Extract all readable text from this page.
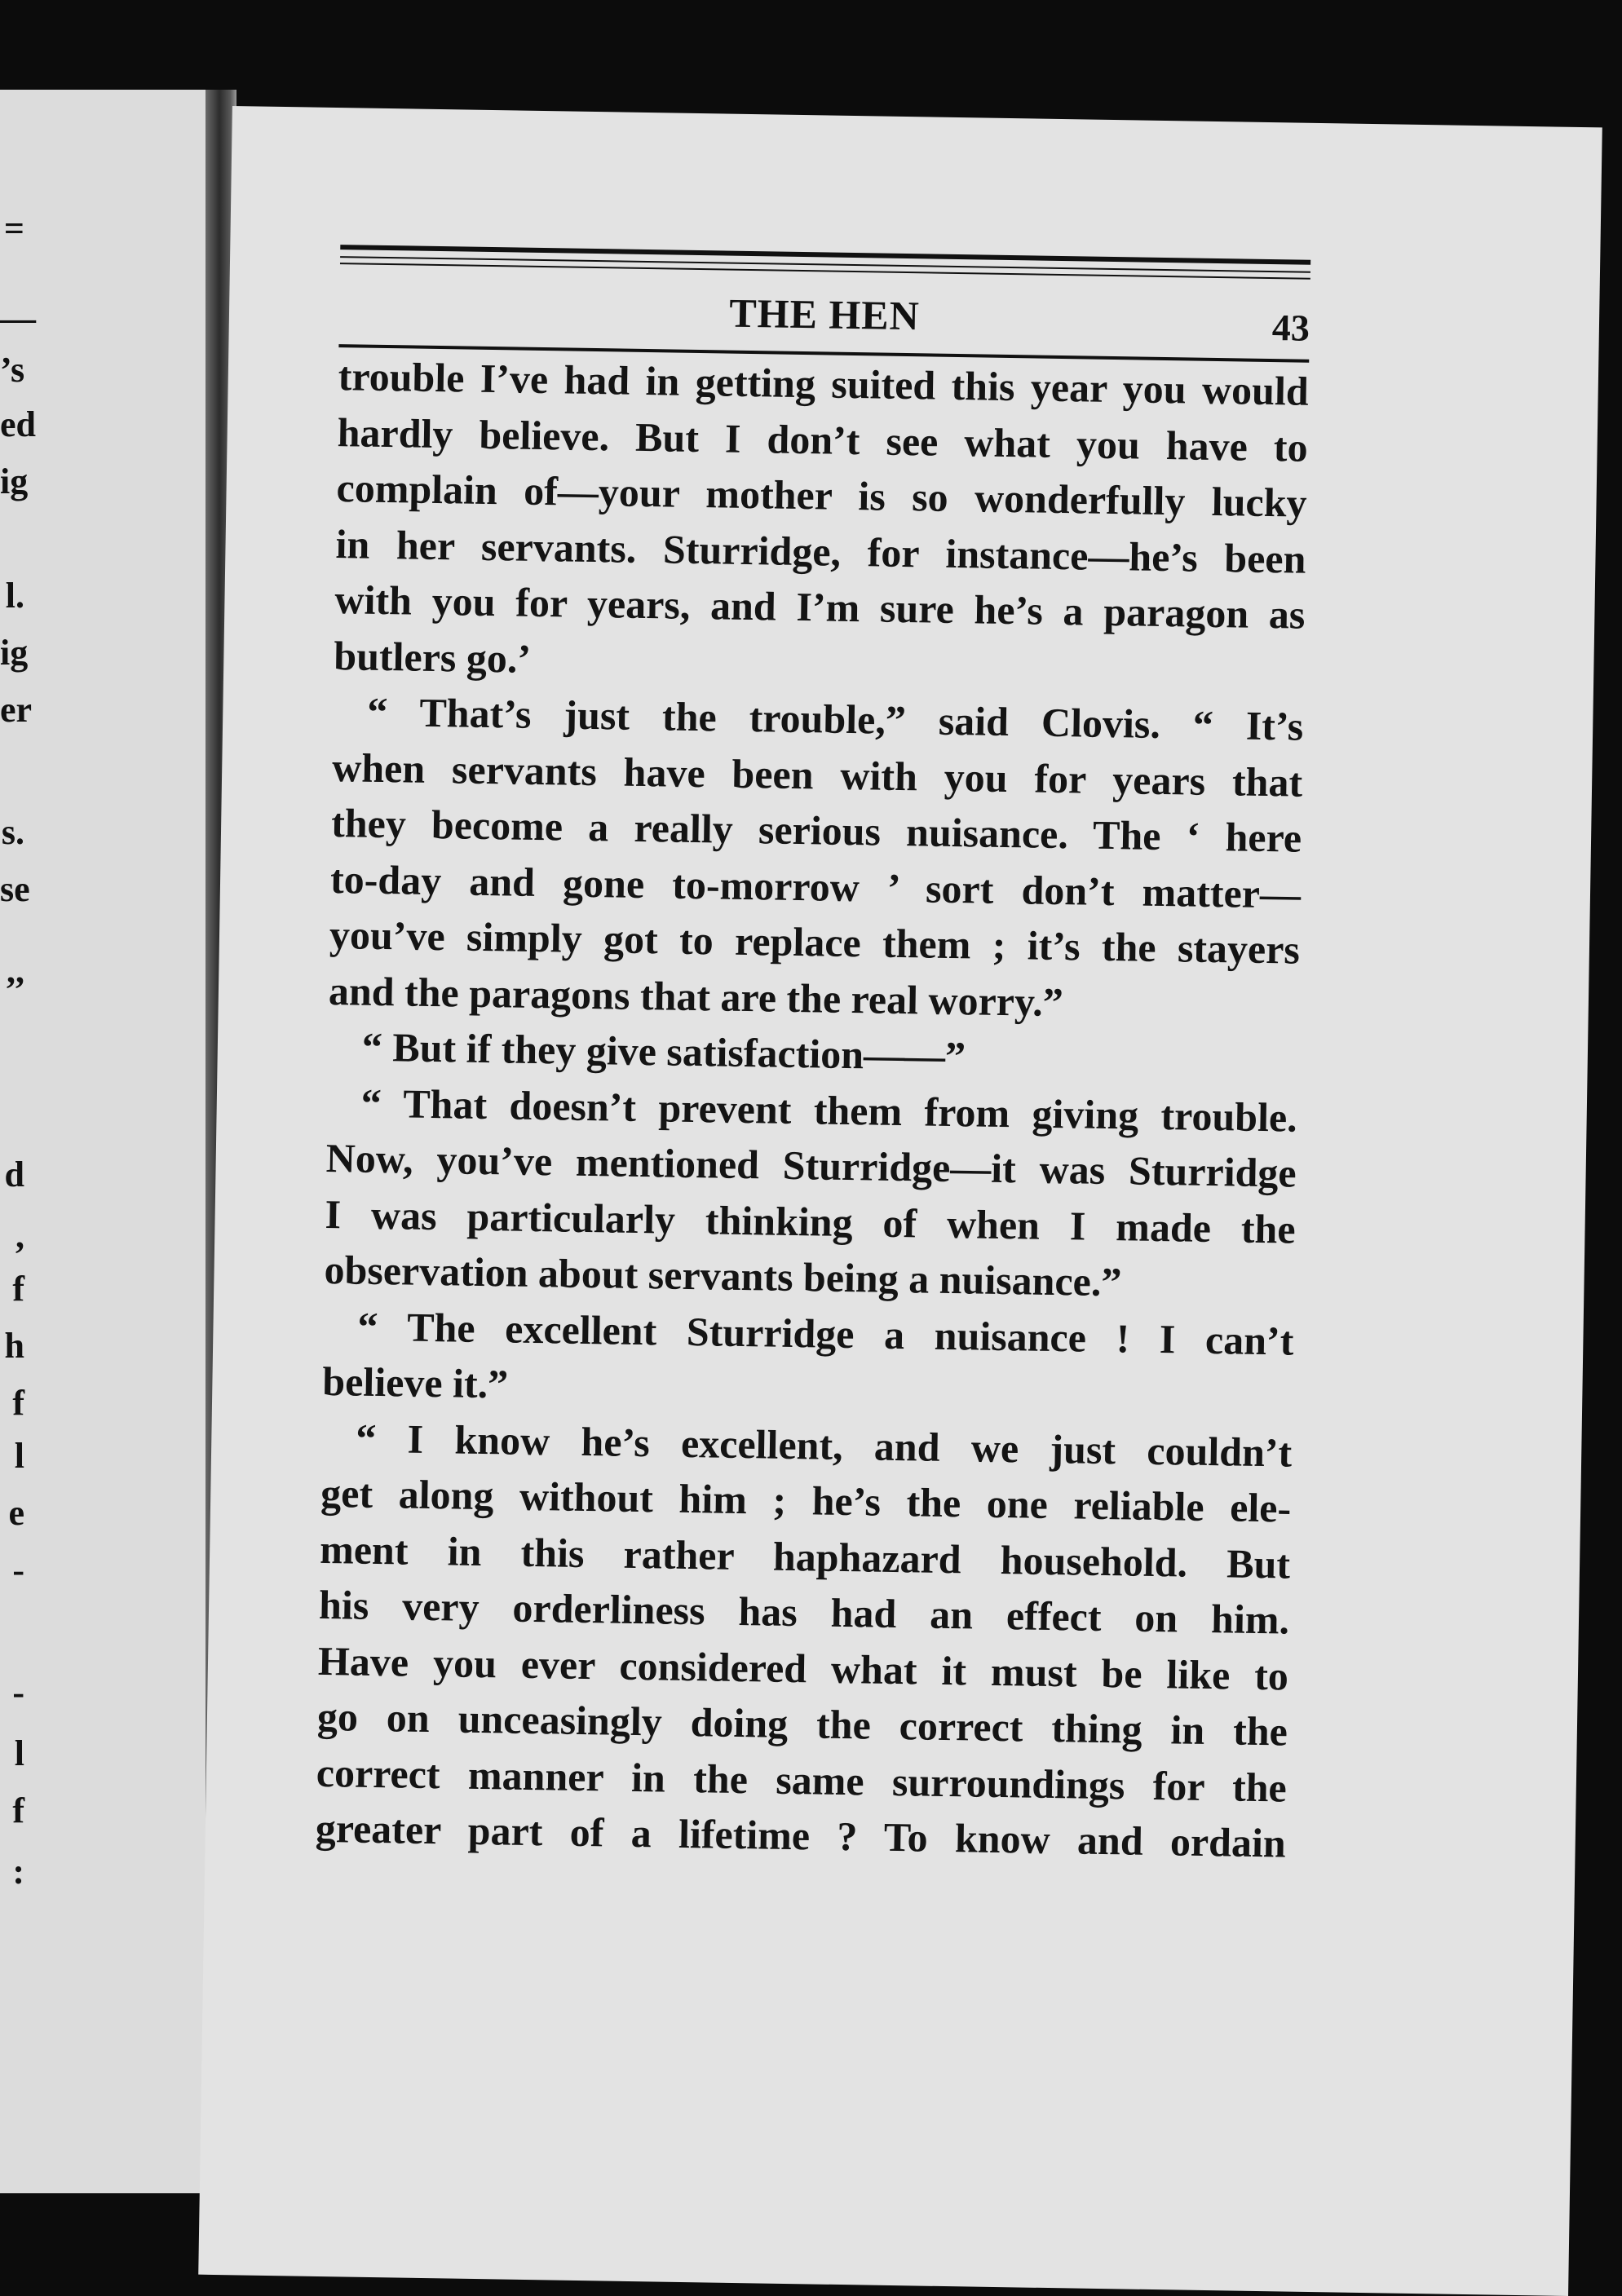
=
—
’s
ed
ig
l.
ig
er
s.
se
,,
d
,
f
h
f
l
e
-
-
l
f
:
THE HEN	43
trouble I’ve had in getting suited this year you would
hardly believe. But I don’t see what you have to
complain of—your mother is so wonderfully lucky
in her servants. Sturridge, for instance—he’s been
with you for years, and I’m sure he’s a paragon as
butlers go.’
“ That’s just the trouble,” said Clovis. “ It’s
when servants have been with you for years that
they become a really serious nuisance. The ‘ here
to-day and gone to-morrow ’ sort don’t matter—
you’ve simply got to replace them ; it’s the stayers
and the paragons that are the real worry.”
“ But if they give satisfaction——”
“ That doesn’t prevent them from giving trouble.
Now, you’ve mentioned Sturridge—it was Sturridge
I was particularly thinking of when I made the
observation about servants being a nuisance.”
“ The excellent Sturridge a nuisance ! I can’t
believe it.”
“ I know he’s excellent, and we just couldn’t
get along without him ; he’s the one reliable ele-
ment in this rather haphazard household. But
his very orderliness has had an effect on him.
Have you ever considered what it must be like to
go on unceasingly doing the correct thing in the
correct manner in the same surroundings for the
greater part of a lifetime ? To know and ordain
